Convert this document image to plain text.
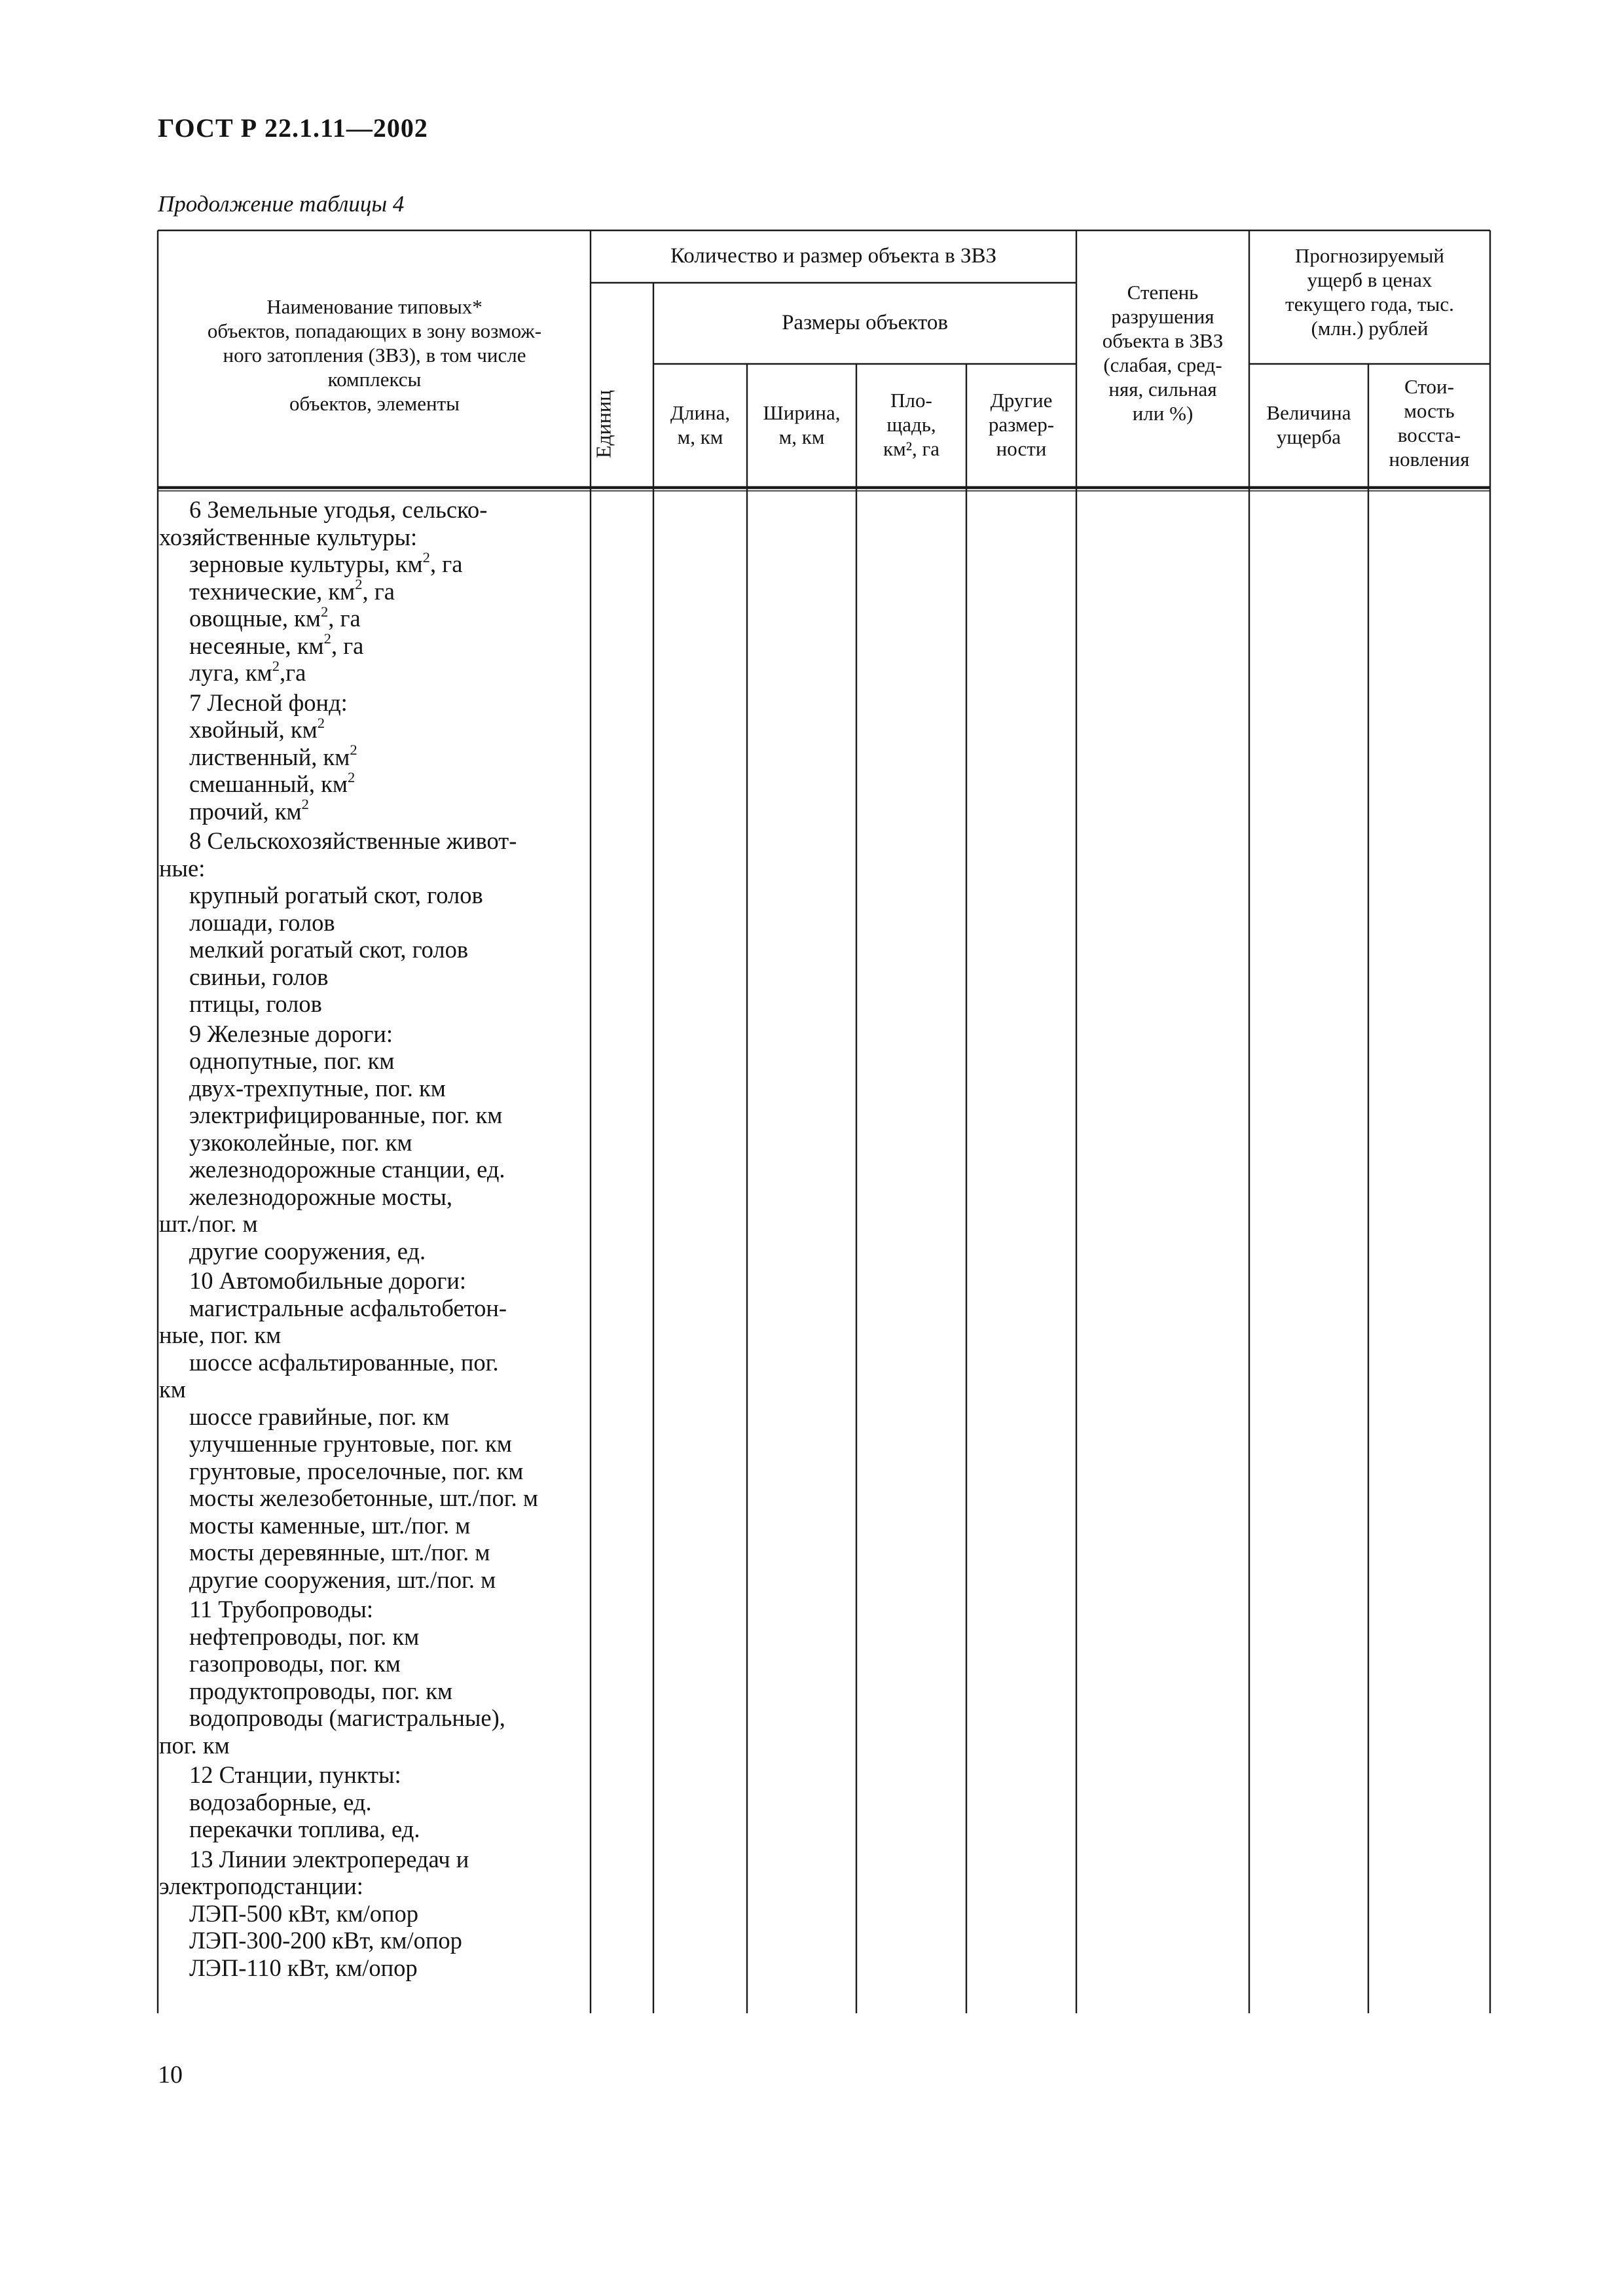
ГОСТ Р 22.1.11—2002
Продолжение таблицы 4
Наименование типовых*
объектов, попадающих в зону возмож-
ного затопления (ЗВЗ), в том числе
комплексы
объектов, элементы
Количество и размер объекта в ЗВЗ
Единиц
Размеры объектов
Длина,
м, км
Ширина,
м, км
Пло-
щадь,
км², га
Другие
размер-
ности
Степень
разрушения
объекта в ЗВЗ
(слабая, сред-
няя, сильная
или %)
Прогнозируемый
ущерб в ценах
текущего года, тыс.
(млн.) рублей
Величина
ущерба
Стои-
мость
восста-
новления
6 Земельные угодья, сельско-
хозяйственные культуры:
зерновые культуры, $км^2$, га
технические, $км^2$, га
овощные, $км^2$, га
несеяные, $км^2$, га
луга, $км^2,га$
7 Лесной фонд:
хвойный, $км^2$
лиственный, $км^2$
смешанный, $км^2$
прочий, $км^2$
8 Сельскохозяйственные живот-
ные:
крупный рогатый скот, голов
лошади, голов
мелкий рогатый скот, голов
свиньи, голов
птицы, голов
9 Железные дороги:
однопутные, пог. км
двух-трехпутные, пог. км
электрифицированные, пог. км
узкоколейные, пог. км
железнодорожные станции, ед.
железнодорожные мосты,
шт./пог. м
другие сооружения, ед.
10 Автомобильные дороги:
магистральные асфальтобетон-
ные, пог. км
шоссе асфальтированные, пог.
км
шоссе гравийные, пог. км
улучшенные грунтовые, пог. км
грунтовые, проселочные, пог. км
мосты железобетонные, шт./пог. м
мосты каменные, шт./пог. м
мосты деревянные, шт./пог. м
другие сооружения, шт./пог. м
11 Трубопроводы:
нефтепроводы, пог. км
газопроводы, пог. км
продуктопроводы, пог. км
водопроводы (магистральные),
пог. км
12 Станции, пункты:
водозаборные, ед.
перекачки топлива, ед.
13 Линии электропередач и
электроподстанции:
ЛЭП-500 кВт, км/опор
ЛЭП-300-200 кВт, км/опор
ЛЭП-110 кВт, км/опор
10
